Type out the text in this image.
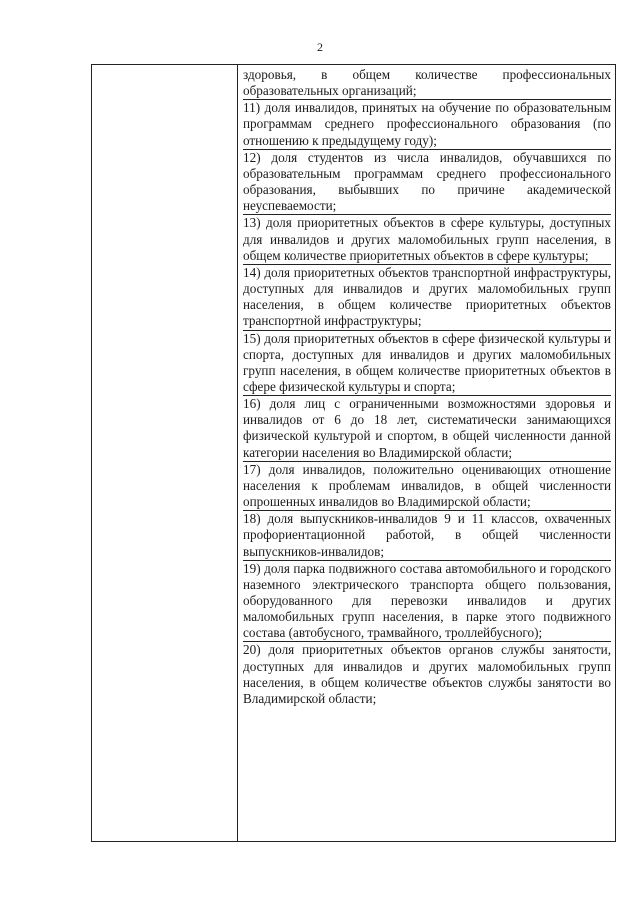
2

здоровья, в общем количестве профессиональных образовательных организаций;

11) доля инвалидов, принятых на обучение по образовательным программам среднего профессионального образования (по отношению к предыдущему году);

12) доля студентов из числа инвалидов, обучавшихся по образовательным программам среднего профессионального образования, выбывших по причине академической неуспеваемости;

13) доля приоритетных объектов в сфере культуры, доступных для инвалидов и других маломобильных групп населения, в общем количестве приоритетных объектов в сфере культуры;

14) доля приоритетных объектов транспортной инфраструктуры, доступных для инвалидов и других маломобильных групп населения, в общем количестве приоритетных объектов транспортной инфраструктуры;

15) доля приоритетных объектов в сфере физической культуры и спорта, доступных для инвалидов и других маломобильных групп населения, в общем количестве приоритетных объектов в сфере физической культуры и спорта;

16) доля лиц с ограниченными возможностями здоровья и инвалидов от 6 до 18 лет, систематически занимающихся физической культурой и спортом, в общей численности данной категории населения во Владимирской области;

17) доля инвалидов, положительно оценивающих отношение населения к проблемам инвалидов, в общей численности опрошенных инвалидов во Владимирской области;

18) доля выпускников-инвалидов 9 и 11 классов, охваченных профориентационной работой, в общей численности выпускников-инвалидов;

19) доля парка подвижного состава автомобильного и городского наземного электрического транспорта общего пользования, оборудованного для перевозки инвалидов и других маломобильных групп населения, в парке этого подвижного состава (автобусного, трамвайного, троллейбусного);

20) доля приоритетных объектов органов службы занятости, доступных для инвалидов и других маломобильных групп населения, в общем количестве объектов службы занятости во Владимирской области;
